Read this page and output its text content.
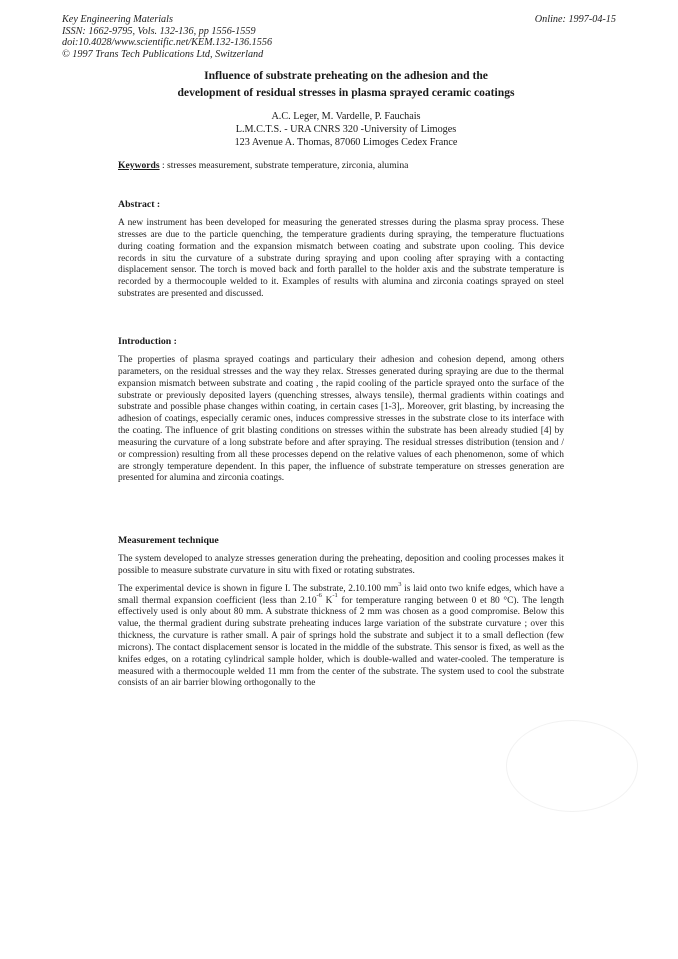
Key Engineering Materials
ISSN: 1662-9795, Vols. 132-136, pp 1556-1559
doi:10.4028/www.scientific.net/KEM.132-136.1556
© 1997 Trans Tech Publications Ltd, Switzerland
Online: 1997-04-15
Influence of substrate preheating on the adhesion and the
development of residual stresses in plasma sprayed ceramic coatings
A.C. Leger, M. Vardelle, P. Fauchais
L.M.C.T.S. - URA CNRS 320 -University of Limoges
123 Avenue A. Thomas, 87060 Limoges Cedex France
Keywords : stresses measurement, substrate temperature, zirconia, alumina
Abstract :
A new instrument has been developed for measuring the generated stresses during the plasma spray process. These stresses are due to the particle quenching, the temperature gradients during spraying, the temperature fluctuations during coating formation and the expansion mismatch between coating and substrate upon cooling. This device records in situ the curvature of a substrate during spraying and upon cooling after spraying with a contacting displacement sensor. The torch is moved back and forth parallel to the holder axis and the substrate temperature is recorded by a thermocouple welded to it. Examples of results with alumina and zirconia coatings sprayed on steel substrates are presented and discussed.
Introduction :
The properties of plasma sprayed coatings and particulary their adhesion and cohesion depend, among others parameters, on the residual stresses and the way they relax. Stresses generated during spraying are due to the thermal expansion mismatch between substrate and coating , the rapid cooling of the particle sprayed onto the surface of the substrate or previously deposited layers (quenching stresses, always tensile), thermal gradients within coatings and substrate and possible phase changes within coating, in certain cases [1-3],. Moreover, grit blasting, by increasing the adhesion of coatings, especially ceramic ones, induces compressive stresses in the substrate close to its interface with the coating. The influence of grit blasting conditions on stresses within the substrate has been already studied [4] by measuring the curvature of a long substrate before and after spraying. The residual stresses distribution (tension and / or compression) resulting from all these processes depend on the relative values of each phenomenon, some of which are strongly temperature dependent. In this paper, the influence of substrate temperature on stresses generation are presented for alumina and zirconia coatings.
Measurement technique
The system developed to analyze stresses generation during the preheating, deposition and cooling processes makes it possible to measure substrate curvature in situ with fixed or rotating substrates.
The experimental device is shown in figure I. The substrate, 2.10.100 $mm^3$ is laid onto two knife edges, which have a small thermal expansion coefficient (less than $2.10^{-6}$ $K^{-1}$ for temperature ranging between 0 et 80 °C). The length effectively used is only about 80 mm. A substrate thickness of 2 mm was chosen as a good compromise. Below this value, the thermal gradient during substrate preheating induces large variation of the substrate curvature ; over this thickness, the curvature is rather small. A pair of springs hold the substrate and subject it to a small deflection (few microns). The contact displacement sensor is located in the middle of the substrate. This sensor is fixed, as well as the knifes edges, on a rotating cylindrical sample holder, which is double-walled and water-cooled. The temperature is measured with a thermocouple welded 11 mm from the center of the substrate. The system used to cool the substrate consists of an air barrier blowing orthogonally to the
